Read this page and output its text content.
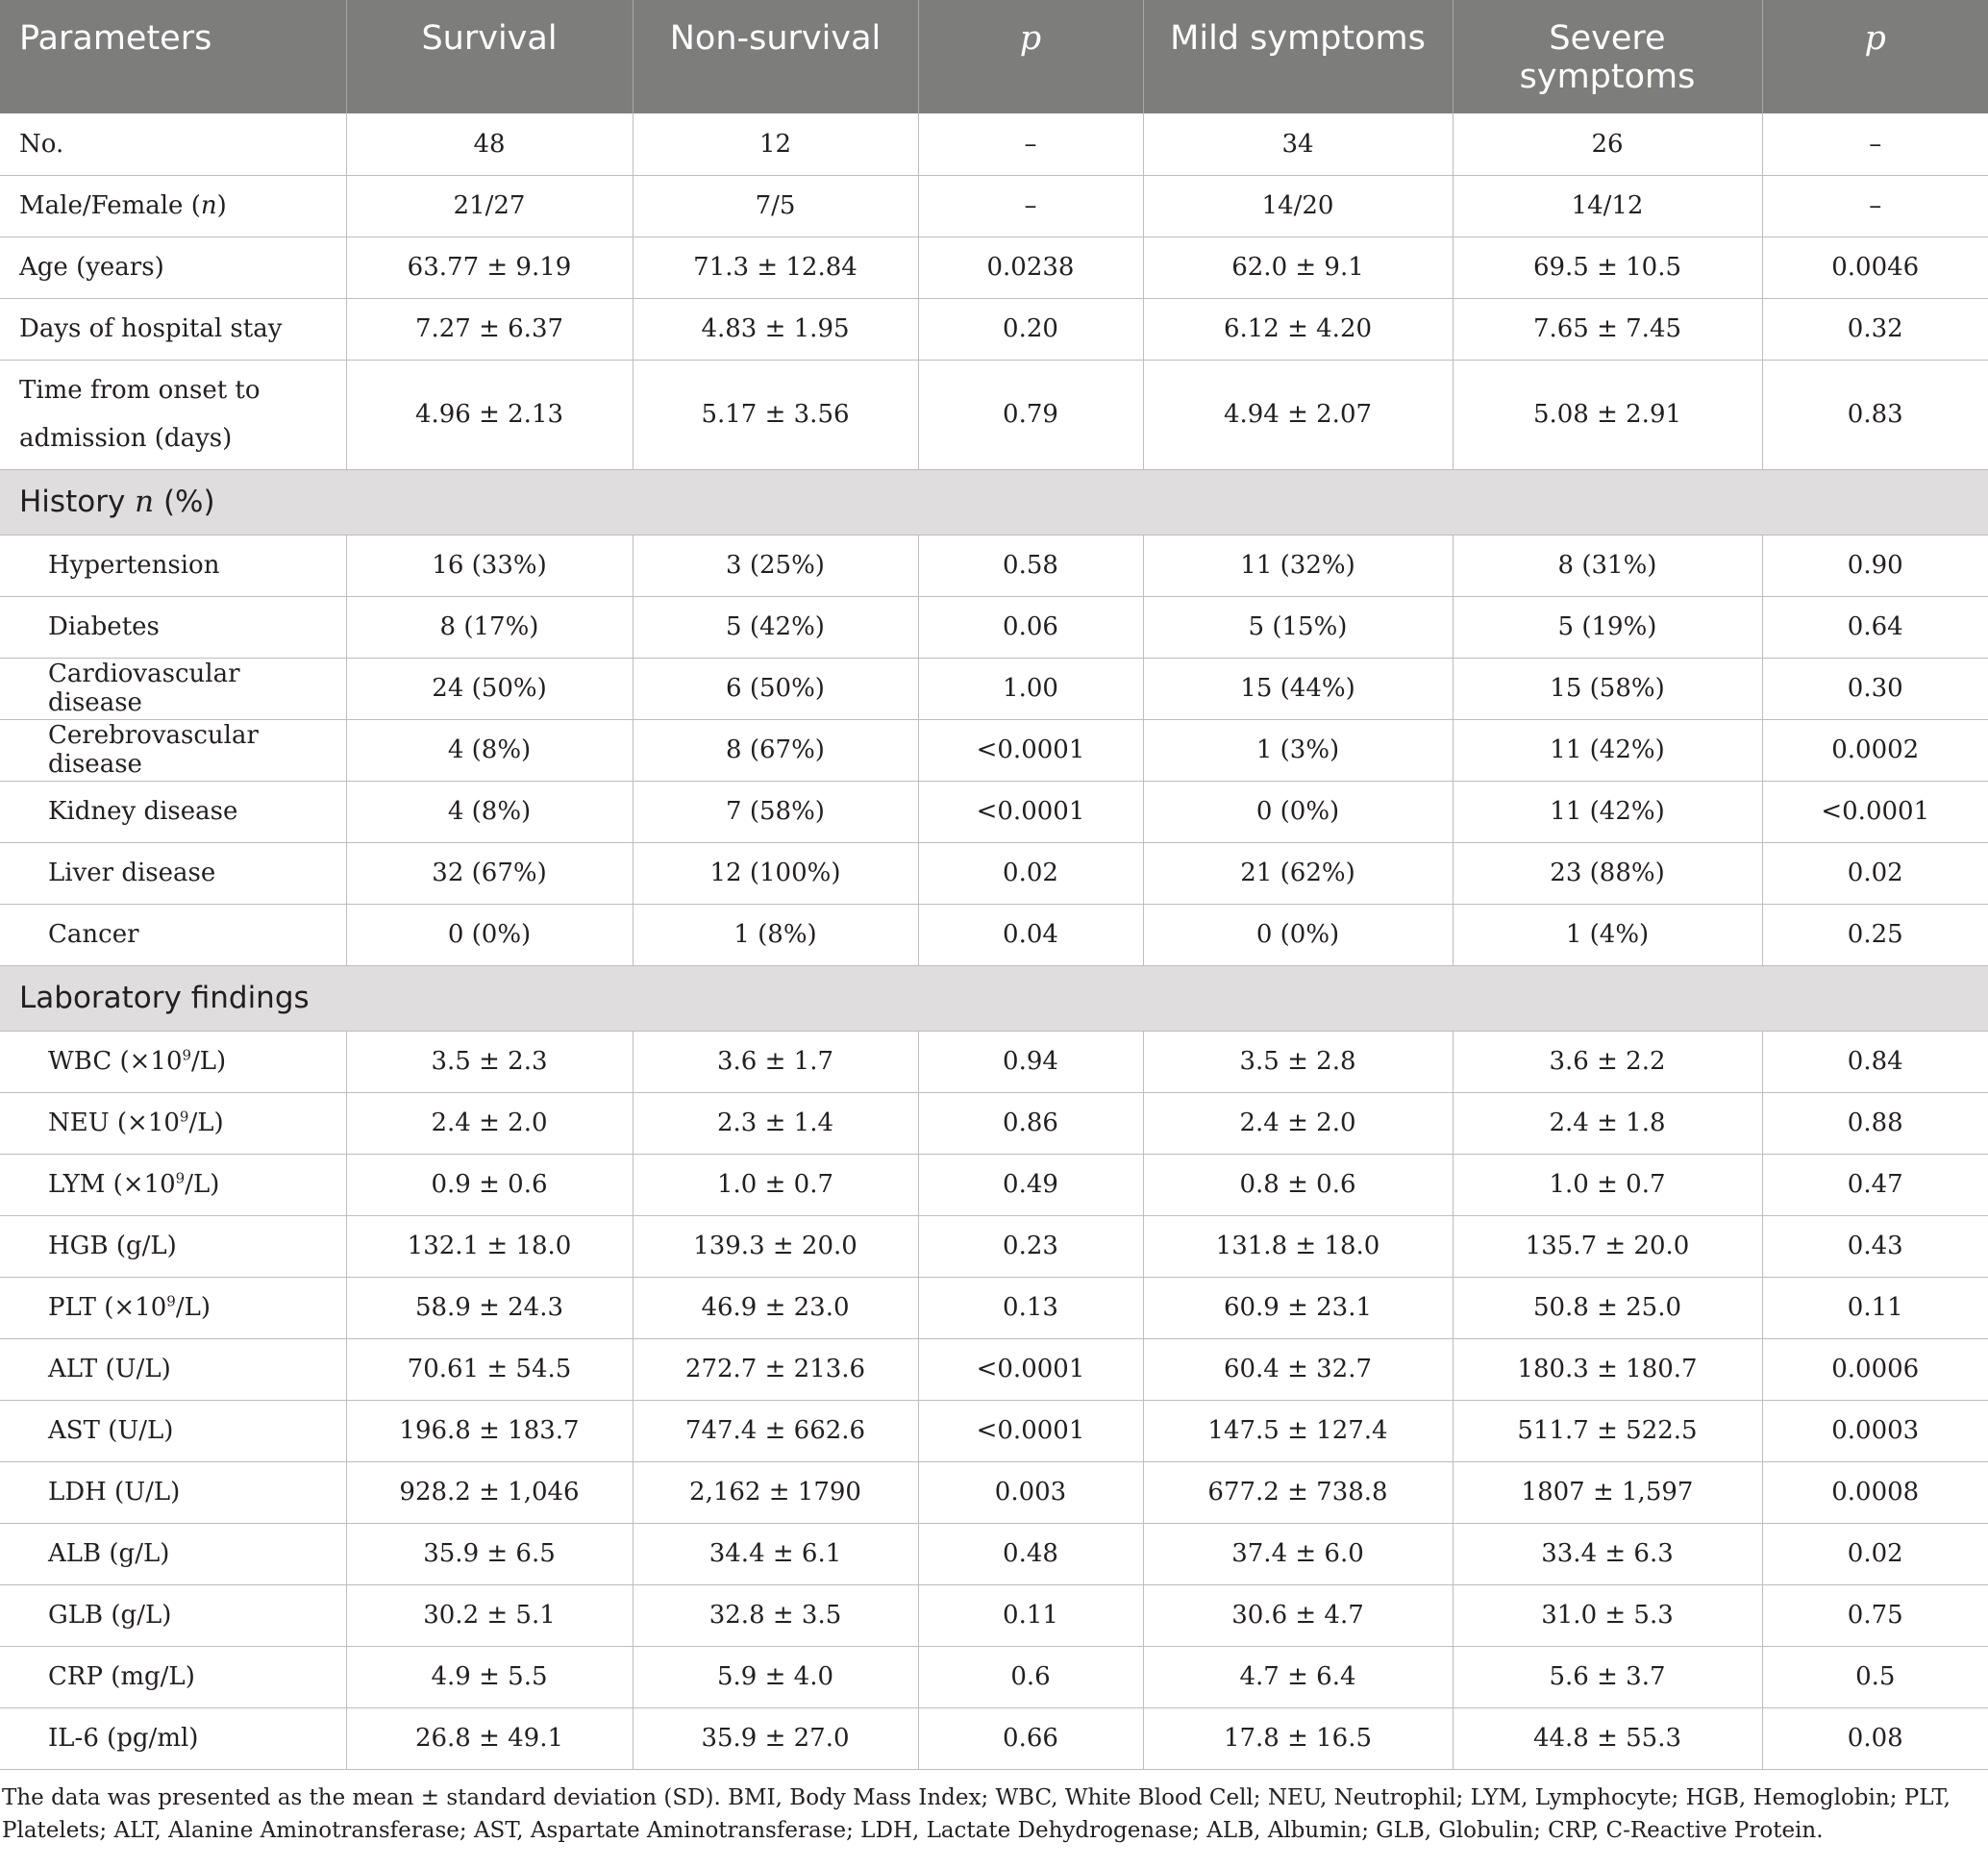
Parameters	Survival	Non-survival	p	Mild symptoms	Severe symptoms	p
No.	48	12	–	34	26	–
Male/Female (n)	21/27	7/5	–	14/20	14/12	–
Age (years)	63.77 ± 9.19	71.3 ± 12.84	0.0238	62.0 ± 9.1	69.5 ± 10.5	0.0046
Days of hospital stay	7.27 ± 6.37	4.83 ± 1.95	0.20	6.12 ± 4.20	7.65 ± 7.45	0.32
Time from onset to
admission (days)	4.96 ± 2.13	5.17 ± 3.56	0.79	4.94 ± 2.07	5.08 ± 2.91	0.83
History n (%)						
Hypertension	16 (33%)	3 (25%)	0.58	11 (32%)	8 (31%)	0.90
Diabetes	8 (17%)	5 (42%)	0.06	5 (15%)	5 (19%)	0.64
Cardiovascular disease	24 (50%)	6 (50%)	1.00	15 (44%)	15 (58%)	0.30
Cerebrovascular disease	4 (8%)	8 (67%)	<0.0001	1 (3%)	11 (42%)	0.0002
Kidney disease	4 (8%)	7 (58%)	<0.0001	0 (0%)	11 (42%)	<0.0001
Liver disease	32 (67%)	12 (100%)	0.02	21 (62%)	23 (88%)	0.02
Cancer	0 (0%)	1 (8%)	0.04	0 (0%)	1 (4%)	0.25
Laboratory findings						
WBC $(\times 10^9/L)$	3.5 ± 2.3	3.6 ± 1.7	0.94	3.5 ± 2.8	3.6 ± 2.2	0.84
NEU $(\times 10^9/L)$	2.4 ± 2.0	2.3 ± 1.4	0.86	2.4 ± 2.0	2.4 ± 1.8	0.88
LYM $(\times 10^9/L)$	0.9 ± 0.6	1.0 ± 0.7	0.49	0.8 ± 0.6	1.0 ± 0.7	0.47
HGB (g/L)	132.1 ± 18.0	139.3 ± 20.0	0.23	131.8 ± 18.0	135.7 ± 20.0	0.43
PLT $(\times 10^9/L)$	58.9 ± 24.3	46.9 ± 23.0	0.13	60.9 ± 23.1	50.8 ± 25.0	0.11
ALT (U/L)	70.61 ± 54.5	272.7 ± 213.6	<0.0001	60.4 ± 32.7	180.3 ± 180.7	0.0006
AST (U/L)	196.8 ± 183.7	747.4 ± 662.6	<0.0001	147.5 ± 127.4	511.7 ± 522.5	0.0003
LDH (U/L)	928.2 ± 1,046	2,162 ± 1790	0.003	677.2 ± 738.8	1807 ± 1,597	0.0008
ALB (g/L)	35.9 ± 6.5	34.4 ± 6.1	0.48	37.4 ± 6.0	33.4 ± 6.3	0.02
GLB (g/L)	30.2 ± 5.1	32.8 ± 3.5	0.11	30.6 ± 4.7	31.0 ± 5.3	0.75
CRP (mg/L)	4.9 ± 5.5	5.9 ± 4.0	0.6	4.7 ± 6.4	5.6 ± 3.7	0.5
IL-6 (pg/ml)	26.8 ± 49.1	35.9 ± 27.0	0.66	17.8 ± 16.5	44.8 ± 55.3	0.08

The data was presented as the mean ± standard deviation (SD). BMI, Body Mass Index; WBC, White Blood Cell; NEU, Neutrophil; LYM, Lymphocyte; HGB, Hemoglobin; PLT, Platelets; ALT, Alanine Aminotransferase; AST, Aspartate Aminotransferase; LDH, Lactate Dehydrogenase; ALB, Albumin; GLB, Globulin; CRP, C-Reactive Protein.
